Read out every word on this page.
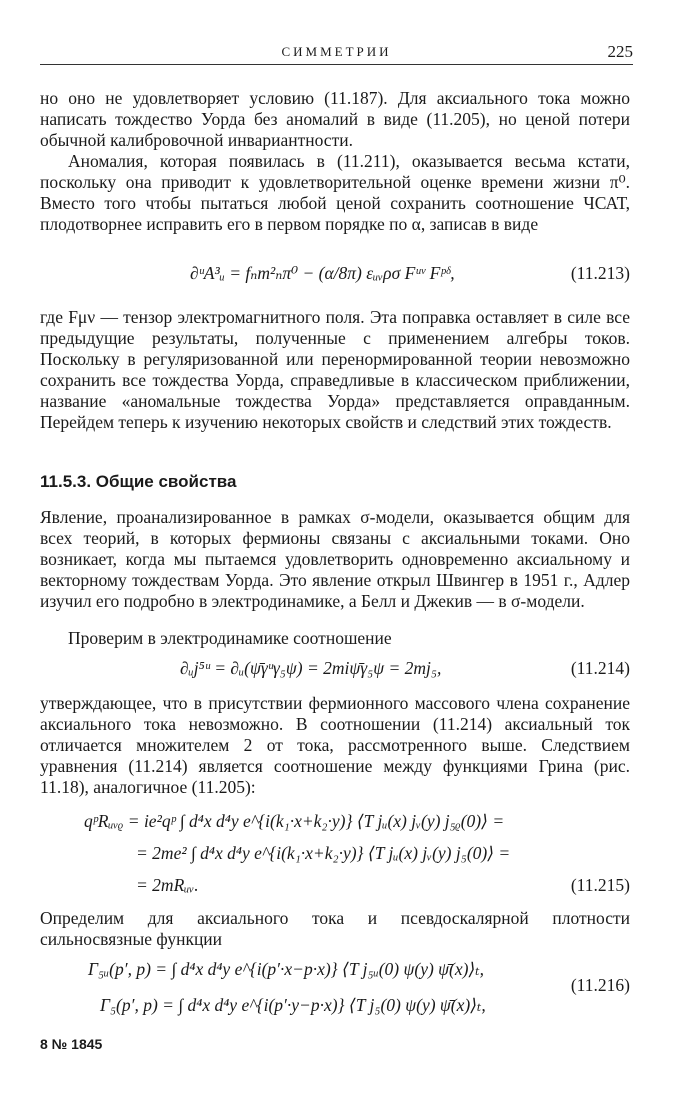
СИММЕТРИИ	225
но оно не удовлетворяет условию (11.187). Для аксиального тока можно написать тождество Уорда без аномалий в виде (11.205), но ценой потери обычной калибровочной инвариантности.
Аномалия, которая появилась в (11.211), оказывается весьма кстати, поскольку она приводит к удовлетворительной оценке времени жизни π⁰. Вместо того чтобы пытаться любой ценой сохранить соотношение ЧСАТ, плодотворнее исправить его в первом порядке по α, записав в виде
∂ᵘA³ᵤ = fₙm²ₙπ⁰ − (α/8π) εᵤᵥρσ Fᵘᵛ Fᵖᵟ,	(11.213)
где Fμν — тензор электромагнитного поля. Эта поправка оставляет в силе все предыдущие результаты, полученные с применением алгебры токов. Поскольку в регуляризованной или перенормированной теории невозможно сохранить все тождества Уорда, справедливые в классическом приближении, название «аномальные тождества Уорда» представляется оправданным. Перейдем теперь к изучению некоторых свойств и следствий этих тождеств.
11.5.3. Общие свойства
Явление, проанализированное в рамках σ-модели, оказывается общим для всех теорий, в которых фермионы связаны с аксиальными токами. Оно возникает, когда мы пытаемся удовлетворить одновременно аксиальному и векторному тождествам Уорда. Это явление открыл Швингер в 1951 г., Адлер изучил его подробно в электродинамике, а Белл и Джекив — в σ-модели.
Проверим в электродинамике соотношение
∂ᵤj⁵ᵘ = ∂ᵤ(ψ̄γᵘγ₅ψ) = 2miψ̄γ₅ψ = 2mj₅,	(11.214)
утверждающее, что в присутствии фермионного массового члена сохранение аксиального тока невозможно. В соотношении (11.214) аксиальный ток отличается множителем 2 от тока, рассмотренного выше. Следствием уравнения (11.214) является соотношение между функциями Грина (рис. 11.18), аналогичное (11.205):
qᵖRᵤᵥᵨ = ie²qᵖ ∫ d⁴x d⁴y e^{i(k₁·x+k₂·y)} ⟨T jᵤ(x) jᵥ(y) j₅ᵨ(0)⟩ =
= 2me² ∫ d⁴x d⁴y e^{i(k₁·x+k₂·y)} ⟨T jᵤ(x) jᵥ(y) j₅(0)⟩ =
= 2mRᵤᵥ.	(11.215)
Определим для аксиального тока и псевдоскалярной плотности сильносвязные функции
Γ₅ᵤ(p′, p) = ∫ d⁴x d⁴y e^{i(p′·x−p·x)} ⟨T j₅ᵤ(0) ψ(y) ψ̄(x)⟩ₜ,
Γ₅(p′, p) = ∫ d⁴x d⁴y e^{i(p′·y−p·x)} ⟨T j₅(0) ψ(y) ψ̄(x)⟩ₜ,
(11.216)
8 № 1845
